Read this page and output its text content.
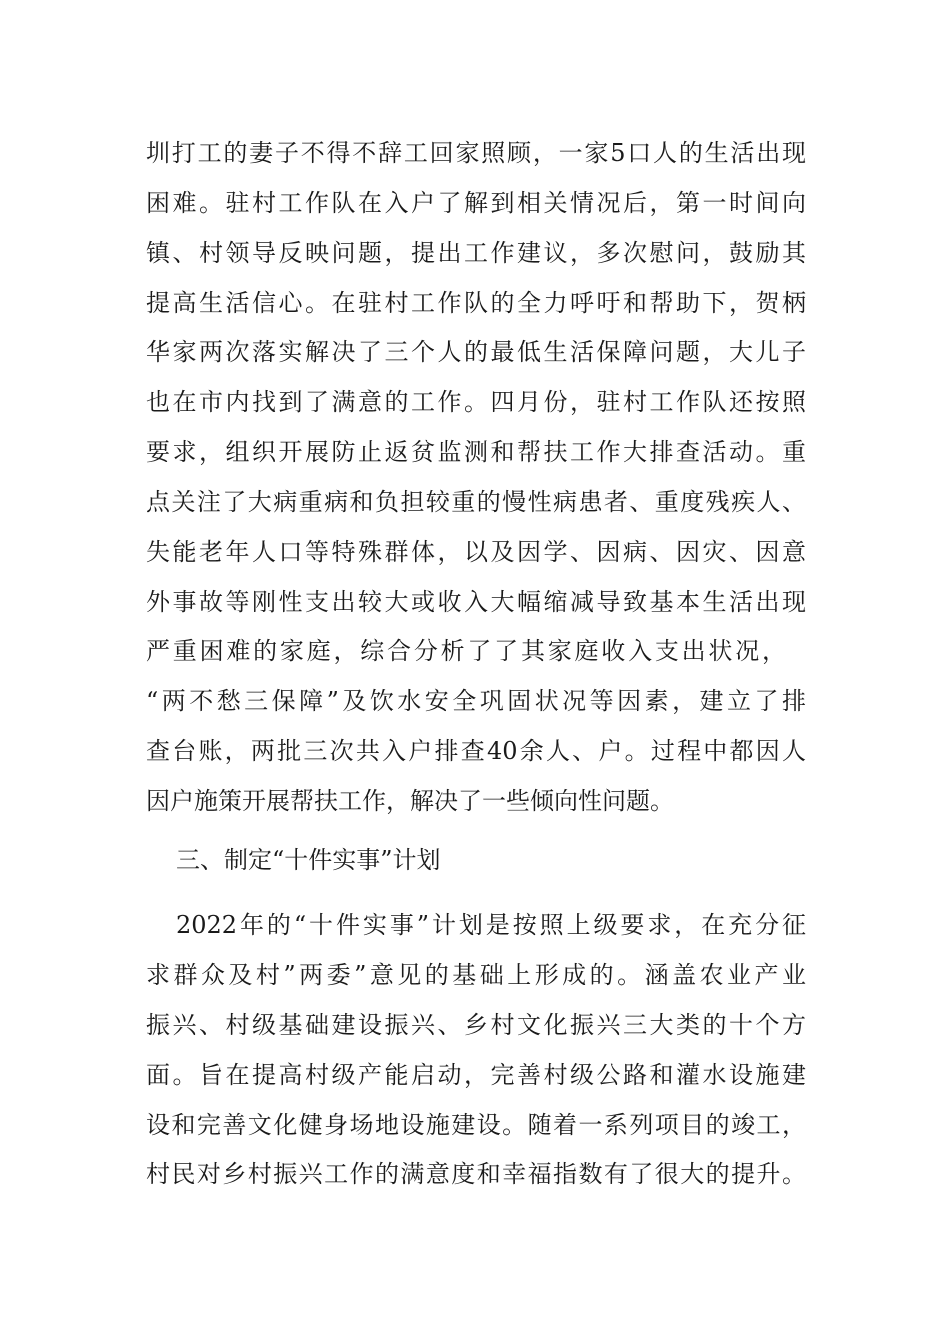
圳打工的妻子不得不辞工回家照顾，一家5口人的生活出现
困难。驻村工作队在入户了解到相关情况后，第一时间向
镇、村领导反映问题，提出工作建议，多次慰问，鼓励其
提高生活信心。在驻村工作队的全力呼吁和帮助下，贺柄
华家两次落实解决了三个人的最低生活保障问题，大儿子
也在市内找到了满意的工作。四月份，驻村工作队还按照
要求，组织开展防止返贫监测和帮扶工作大排查活动。重
点关注了大病重病和负担较重的慢性病患者、重度残疾人、
失能老年人口等特殊群体，以及因学、因病、因灾、因意
外事故等刚性支出较大或收入大幅缩减导致基本生活出现
严重困难的家庭，综合分析了了其家庭收入支出状况，
“两不愁三保障”及饮水安全巩固状况等因素，建立了排
查台账，两批三次共入户排查40余人、户。过程中都因人
因户施策开展帮扶工作，解决了一些倾向性问题。
三、制定“十件实事”计划
2022年的“十件实事”计划是按照上级要求，在充分征
求群众及村”两委”意见的基础上形成的。涵盖农业产业
振兴、村级基础建设振兴、乡村文化振兴三大类的十个方
面。旨在提高村级产能启动，完善村级公路和灌水设施建
设和完善文化健身场地设施建设。随着一系列项目的竣工，
村民对乡村振兴工作的满意度和幸福指数有了很大的提升。
